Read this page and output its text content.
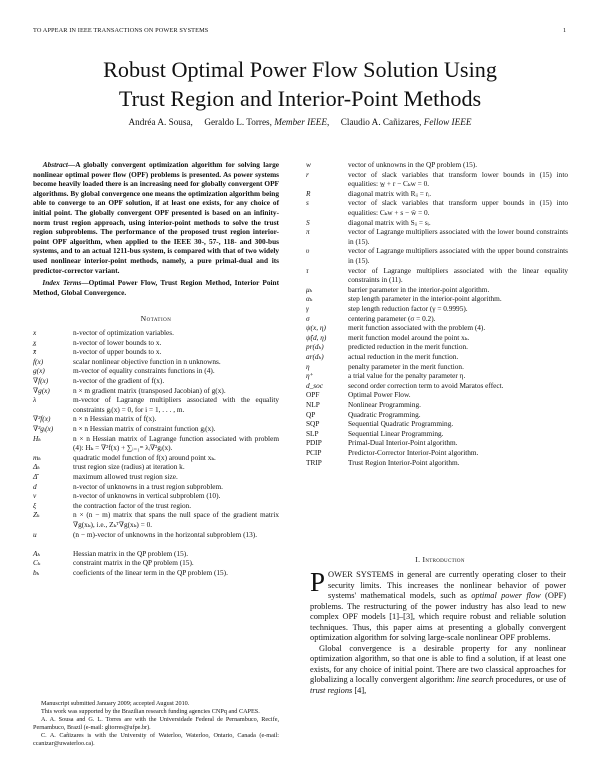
TO APPEAR IN IEEE TRANSACTIONS ON POWER SYSTEMS	1
Robust Optimal Power Flow Solution Using
Trust Region and Interior-Point Methods
Andréa A. Sousa, Geraldo L. Torres, Member IEEE,     Claudio A. Cañizares, Fellow IEEE
Abstract—A globally convergent optimization algorithm for solving large nonlinear optimal power flow (OPF) problems is presented. As power systems become heavily loaded there is an increasing need for globally convergent OPF algorithms. By global convergence one means the optimization algorithm being able to converge to an OPF solution, if at least one exists, for any choice of initial point. The globally convergent OPF presented is based on an infinity-norm trust region approach, using interior-point methods to solve the trust region subproblems. The performance of the proposed trust region interior-point OPF algorithm, when applied to the IEEE 30-, 57-, 118- and 300-bus systems, and to an actual 1211-bus system, is compared with that of two widely used nonlinear interior-point methods, namely, a pure primal-dual and its predictor-corrector variant.
Index Terms—Optimal Power Flow, Trust Region Method, Interior Point Method, Global Convergence.
Notation
x	n-vector of optimization variables.
x̲	n-vector of lower bounds to x.
x̄	n-vector of upper bounds to x.
f(x)	scalar nonlinear objective function in n unknowns.
g(x)	m-vector of equality constraints functions in (4).
∇f(x)	n-vector of the gradient of f(x).
∇g(x)	n × m gradient matrix (transposed Jacobian) of g(x).
λ	m-vector of Lagrange multipliers associated with the equality constraints gᵢ(x) = 0, for i = 1, . . . , m.
∇²f(x)	n × n Hessian matrix of f(x).
∇²gᵢ(x)	n × n Hessian matrix of constraint function gᵢ(x).
Hₖ	n × n Hessian matrix of Lagrange function associated with problem (4): Hₖ = ∇²f(x) + ∑ᵢ₌₁ᵐ λᵢ∇²gᵢ(x).
mₖ	quadratic model function of f(x) around point xₖ.
Δₖ	trust region size (radius) at iteration k.
Δ̄	maximum allowed trust region size.
d	n-vector of unknowns in a trust region subproblem.
v	n-vector of unknowns in vertical subproblem (10).
ξ	the contraction factor of the trust region.
Zₖ	n × (n − m) matrix that spans the null space of the gradient matrix ∇g(xₖ), i.e., Zₖᵀ∇g(xₖ) = 0.
u	(n − m)-vector of unknowns in the horizontal subproblem (13).
Aₖ	Hessian matrix in the QP problem (15).
Cₖ	constraint matrix in the QP problem (15).
bₖ	coeficients of the linear term in the QP problem (15).
w	vector of unknowns in the QP problem (15).
r	vector of slack variables that transform lower bounds in (15) into equalities: w̲ + r − Cₖw = 0.
R	diagonal matrix with Rᵢᵢ = rᵢ.
s	vector of slack variables that transform upper bounds in (15) into equalities: Cₖw + s − w̄ = 0.
S	diagonal matrix with Sᵢᵢ = sᵢ.
π	vector of Lagrange multipliers associated with the lower bound constraints in (15).
υ	vector of Lagrange multipliers associated with the upper bound constraints in (15).
τ	vector of Lagrange multipliers associated with the linear equality constraints in (11).
μₖ	barrier parameter in the interior-point algorithm.
αₖ	step length parameter in the interior-point algorithm.
γ	step length reduction factor (γ = 0.9995).
σ	centering parameter (σ = 0.2).
ψ(x, η)	merit function associated with the problem (4).
ψ̂(d, η)	merit function model around the point xₖ.
pr(dₖ)	predicted reduction in the merit function.
ar(dₖ)	actual reduction in the merit function.
η	penalty parameter in the merit function.
η⁺	a trial value for the penalty parameter η.
d_soc	second order correction term to avoid Maratos effect.
OPF	Optimal Power Flow.
NLP	Nonlinear Programming.
QP	Quadratic Programming.
SQP	Sequential Quadratic Programming.
SLP	Sequential Linear Programming.
PDIP	Primal-Dual Interior-Point algorithm.
PCIP	Predictor-Corrector Interior-Point algorithm.
TRIP	Trust Region Interior-Point algorithm.

Manuscript submitted January 2009; accepted August 2010.

This work was supported by the Brazilian research funding agencies CNPq and CAPES.

A. A. Sousa and G. L. Torres are with the Universidade Federal de Pernambuco, Recife, Pernambuco, Brazil (e-mail: gltorres@ufpe.br).

C. A. Cañizares is with the University of Waterloo, Waterloo, Ontario, Canada (e-mail: ccanizar@uwaterloo.ca).

I. Introduction

POWER SYSTEMS in general are currently operating closer to their security limits. This increases the nonlinear behavior of power systems' mathematical models, such as optimal power flow (OPF) problems. The restructuring of the power industry has also lead to new complex OPF models [1]–[3], which require robust and reliable solution techniques. Thus, this paper aims at presenting a globally convergent optimization algorithm for solving large-scale nonlinear OPF problems.

Global convergence is a desirable property for any nonlinear optimization algorithm, so that one is able to find a solution, if at least one exists, for any choice of initial point. There are two classical approaches for globalizing a locally convergent algorithm: line search procedures, or use of trust regions [4],
